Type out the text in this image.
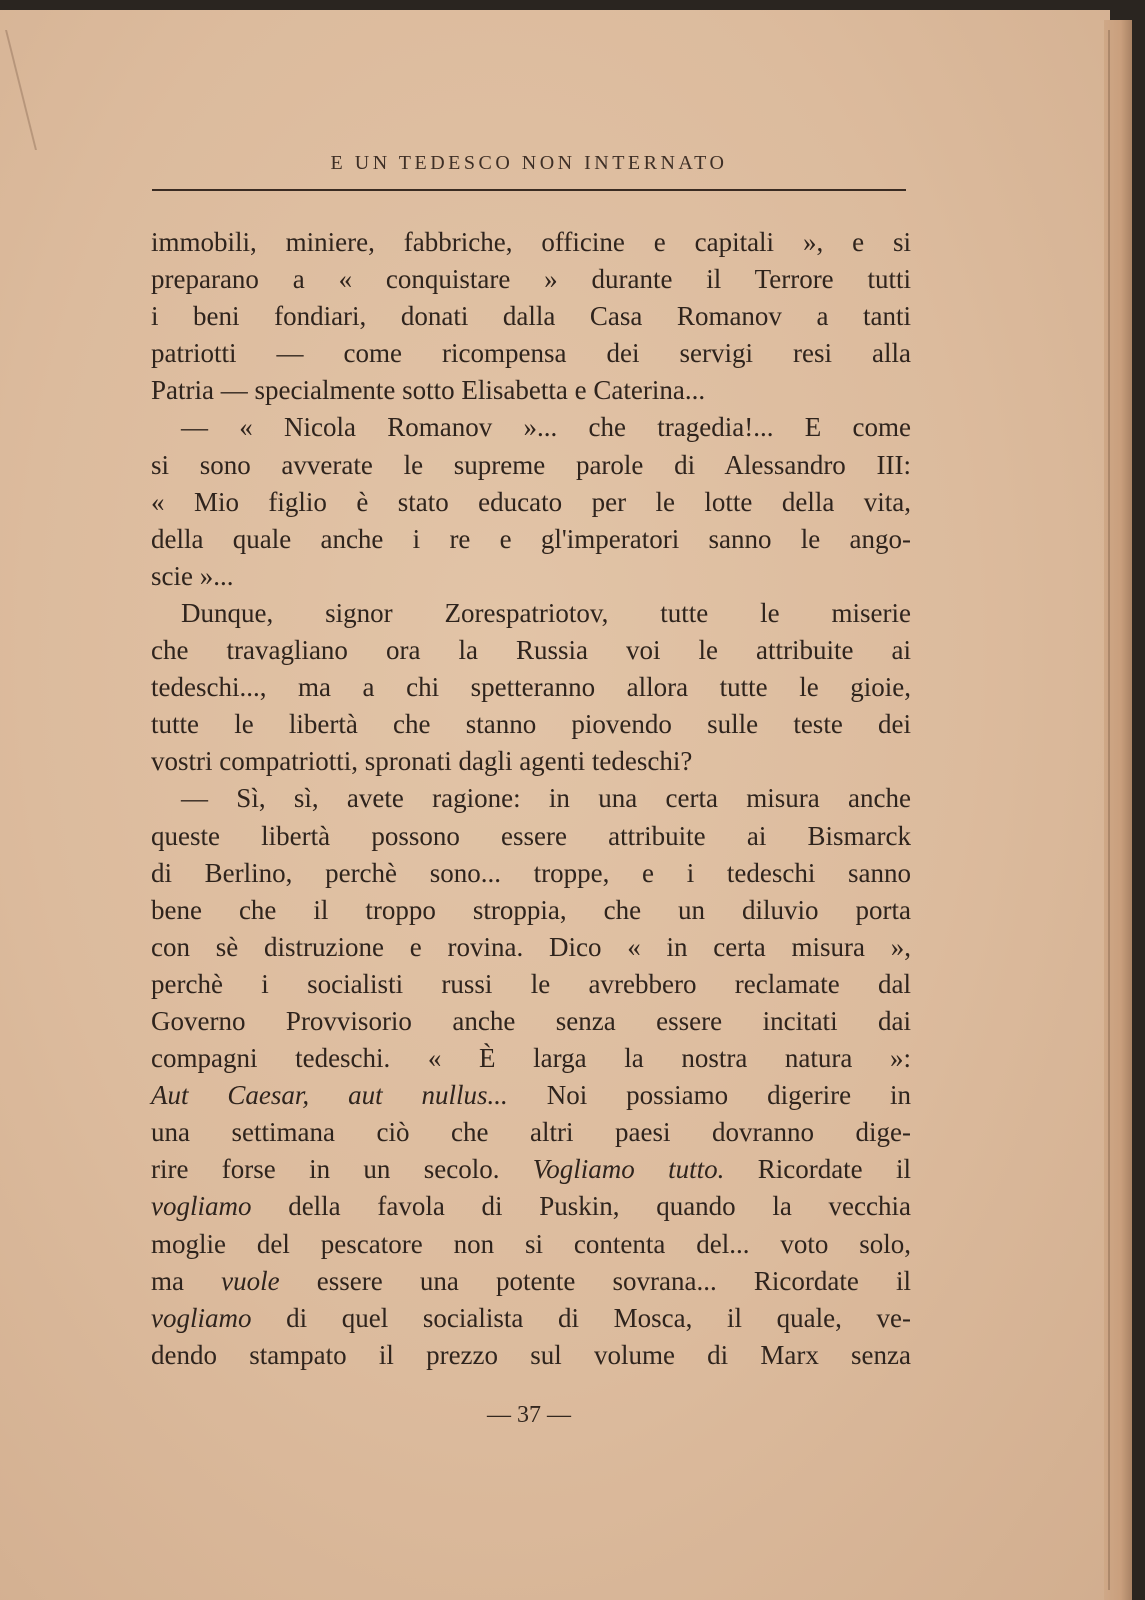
E UN TEDESCO NON INTERNATO
immobili, miniere, fabbriche, officine e capitali », e si
preparano a « conquistare » durante il Terrore tutti
i beni fondiari, donati dalla Casa Romanov a tanti
patriotti — come ricompensa dei servigi resi alla
Patria — specialmente sotto Elisabetta e Caterina...
— « Nicola Romanov »... che tragedia!... E come
si sono avverate le supreme parole di Alessandro III:
« Mio figlio è stato educato per le lotte della vita,
della quale anche i re e gl'imperatori sanno le ango-
scie »...
Dunque, signor Zorespatriotov, tutte le miserie
che travagliano ora la Russia voi le attribuite ai
tedeschi..., ma a chi spetteranno allora tutte le gioie,
tutte le libertà che stanno piovendo sulle teste dei
vostri compatriotti, spronati dagli agenti tedeschi?
— Sì, sì, avete ragione: in una certa misura anche
queste libertà possono essere attribuite ai Bismarck
di Berlino, perchè sono... troppe, e i tedeschi sanno
bene che il troppo stroppia, che un diluvio porta
con sè distruzione e rovina. Dico « in certa misura »,
perchè i socialisti russi le avrebbero reclamate dal
Governo Provvisorio anche senza essere incitati dai
compagni tedeschi. « È larga la nostra natura »:
Aut Caesar, aut nullus... Noi possiamo digerire in
una settimana ciò che altri paesi dovranno dige-
rire forse in un secolo. Vogliamo tutto. Ricordate il
vogliamo della favola di Puskin, quando la vecchia
moglie del pescatore non si contenta del... voto solo,
ma vuole essere una potente sovrana... Ricordate il
vogliamo di quel socialista di Mosca, il quale, ve-
dendo stampato il prezzo sul volume di Marx senza
— 37 —
